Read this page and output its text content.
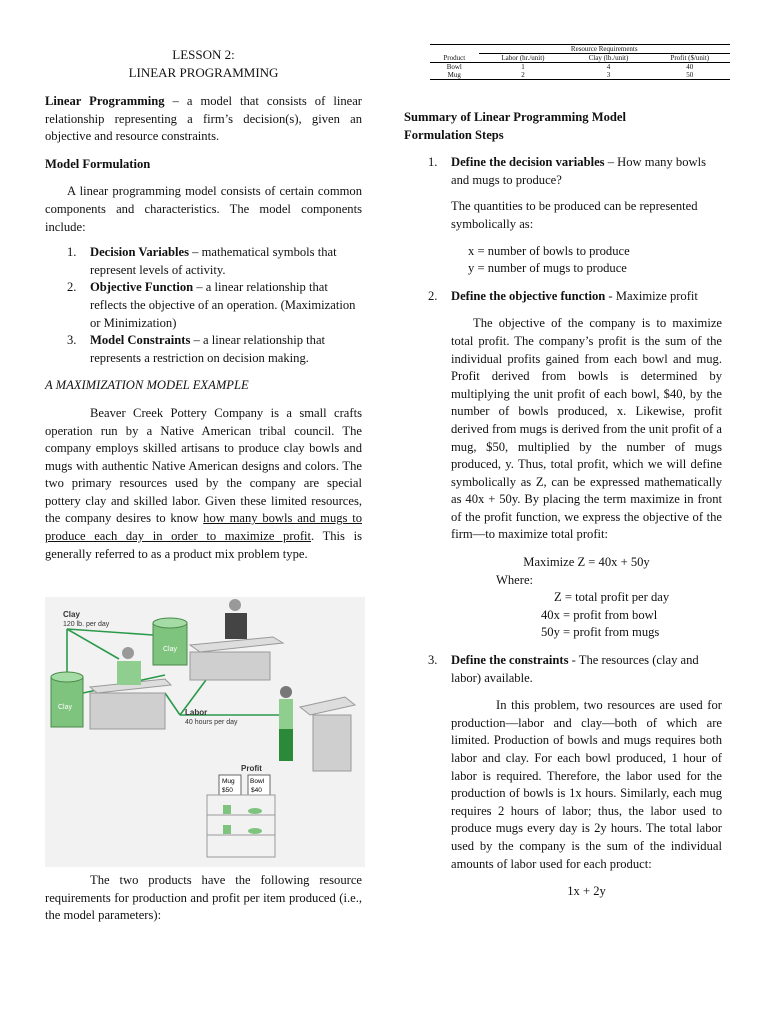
LESSON 2:
LINEAR PROGRAMMING

Linear Programming – a model that consists of linear relationship representing a firm’s decision(s), given an objective and resource constraints.

Model Formulation

A linear programming model consists of certain common components and characteristics. The model components include:

1. Decision Variables – mathematical symbols that represent levels of activity.
2. Objective Function – a linear relationship that reflects the objective of an operation. (Maximization or Minimization)
3. Model Constraints – a linear relationship that represents a restriction on decision making.

A MAXIMIZATION MODEL EXAMPLE

Beaver Creek Pottery Company is a small crafts operation run by a Native American tribal council. The company employs skilled artisans to produce clay bowls and mugs with authentic Native American designs and colors. The two primary resources used by the company are special pottery clay and skilled labor. Given these limited resources, the company desires to know how many bowls and mugs to produce each day in order to maximize profit. This is generally referred to as a product mix problem type.

Clay
120 lb. per day
Clay
Clay
Labor
40 hours per day
Profit
Mug
$50
Bowl
$40

The two products have the following resource requirements for production and profit per item produced (i.e., the model parameters):

	Resource Requirements		
Product	Labor (hr./unit)	Clay (lb./unit)	Profit ($/unit)
Bowl	1	4	40
Mug	2	3	50

Summary of Linear Programming Model
Formulation Steps

1. Define the decision variables – How many bowls and mugs to produce?

The quantities to be produced can be represented symbolically as:

x = number of bowls to produce

y = number of mugs to produce

2. Define the objective function - Maximize profit

The objective of the company is to maximize total profit. The company’s profit is the sum of the individual profits gained from each bowl and mug. Profit derived from bowls is determined by multiplying the unit profit of each bowl, $40, by the number of bowls produced, x. Likewise, profit derived from mugs is derived from the unit profit of a mug, $50, multiplied by the number of mugs produced, y. Thus, total profit, which we will define symbolically as Z, can be expressed mathematically as 40x + 50y. By placing the term maximize in front of the profit function, we express the objective of the firm—to maximize total profit:

Maximize Z = 40x + 50y

Where:

Z = total profit per day

40x = profit from bowl

50y = profit from mugs

3. Define the constraints - The resources (clay and labor) available.

In this problem, two resources are used for production—labor and clay—both of which are limited. Production of bowls and mugs requires both labor and clay. For each bowl produced, 1 hour of labor is required. Therefore, the labor used for the production of bowls is 1x hours. Similarly, each mug requires 2 hours of labor; thus, the labor used to produce mugs every day is 2y hours. The total labor used by the company is the sum of the individual amounts of labor used for each product:

1x + 2y
